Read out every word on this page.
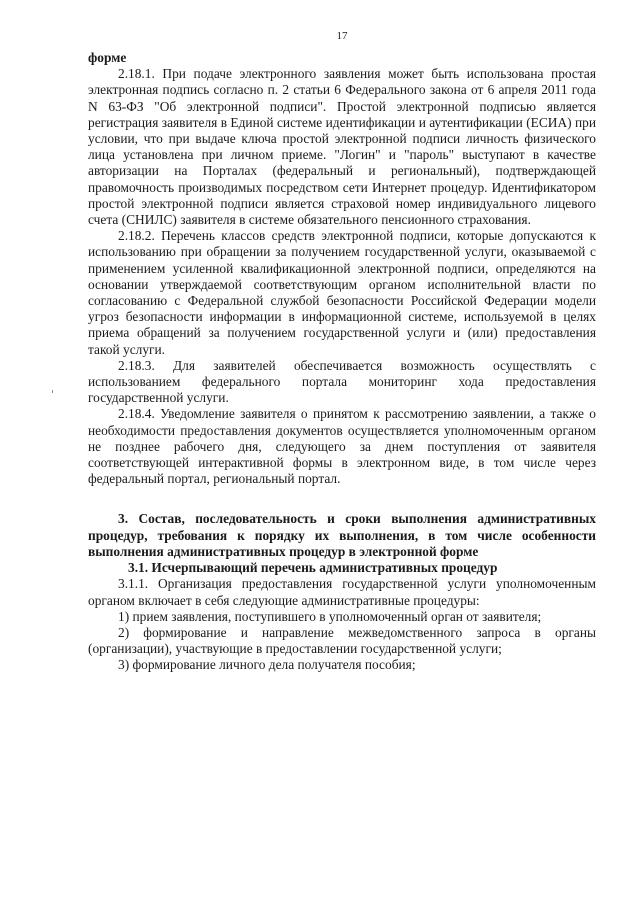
17

форме

2.18.1. При подаче электронного заявления может быть использована простая электронная подпись согласно п. 2 статьи 6 Федерального закона от 6 апреля 2011 года N 63-ФЗ "Об электронной подписи". Простой электронной подписью является регистрация заявителя в Единой системе идентификации и аутентификации (ЕСИА) при условии, что при выдаче ключа простой электронной подписи личность физического лица установлена при личном приеме. "Логин" и "пароль" выступают в качестве авторизации на Порталах (федеральный и региональный), подтверждающей правомочность производимых посредством сети Интернет процедур. Идентификатором простой электронной подписи является страховой номер индивидуального лицевого счета (СНИЛС) заявителя в системе обязательного пенсионного страхования.

2.18.2. Перечень классов средств электронной подписи, которые допускаются к использованию при обращении за получением государственной услуги, оказываемой с применением усиленной квалификационной электронной подписи, определяются на основании утверждаемой соответствующим органом исполнительной власти по согласованию с Федеральной службой безопасности Российской Федерации модели угроз безопасности информации в информационной системе, используемой в целях приема обращений за получением государственной услуги и (или) предоставления такой услуги.

2.18.3. Для заявителей обеспечивается возможность осуществлять с использованием федерального портала мониторинг хода предоставления государственной услуги.

2.18.4. Уведомление заявителя о принятом к рассмотрению заявлении, а также о необходимости предоставления документов осуществляется уполномоченным органом не позднее рабочего дня, следующего за днем поступления от заявителя соответствующей интерактивной формы в электронном виде, в том числе через федеральный портал, региональный портал.

3. Состав, последовательность и сроки выполнения административных процедур, требования к порядку их выполнения, в том числе особенности выполнения административных процедур в электронной форме
3.1. Исчерпывающий перечень административных процедур

3.1.1. Организация предоставления государственной услуги уполномоченным органом включает в себя следующие административные процедуры:

1) прием заявления, поступившего в уполномоченный орган от заявителя;

2) формирование и направление межведомственного запроса в органы (организации), участвующие в предоставлении государственной услуги;

3) формирование личного дела получателя пособия;
